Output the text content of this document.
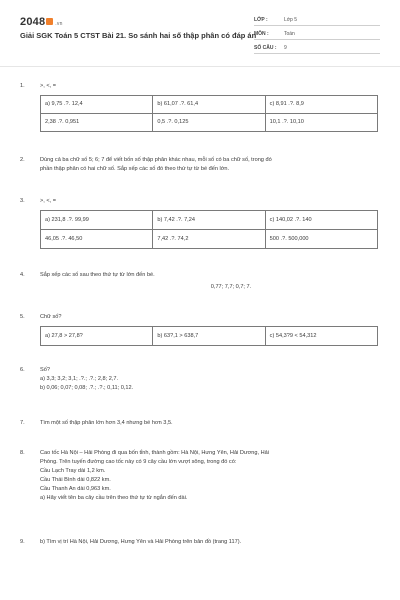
2048 .vn
Giải SGK Toán 5 CTST Bài 21. So sánh hai số thập phân có đáp án
LỚP :	Lớp 5
MÔN :	Toán
SỐ CÂU : 9
1.	>, <, =
a) 9,75 .?. 12,4	b) 61,07 .?. 61,4	c) 8,91 .?. 8,9
2,38 .?. 0,951	0,5 .?. 0,125	10,1 .?. 10,10
2.	Dùng cả ba chữ số 5; 6; 7 để viết bốn số thập phân khác nhau, mỗi số có ba chữ số, trong đó
phần thập phân có hai chữ số. Sắp xếp các số đó theo thứ tự từ bé đến lớn.
3.	>, <, =
a) 231,8 .?. 99,99	b) 7,42 .?. 7,24	c) 140,02 .?. 140
46,05 .?. 46,50	7,42 .?. 74,2	500 .?. 500,000
4.	Sắp xếp các số sau theo thứ tự từ lớn đến bé.
0,77; 7,7; 0,7; 7.
5.	Chữ số?
a) 27,8 > 27,8?	b) 63?,1 > 638,7	c) 54,3?9 < 54,312
6.	Số?
a) 3,3; 3,2; 3,1; .?.; .?.; 2,8; 2,7.
b) 0,06; 0,07; 0,08; .?.; .?.; 0,11; 0,12.
7.	Tìm một số thập phân lớn hơn 3,4 nhưng bé hơn 3,5.
8.	Cao tốc Hà Nội – Hải Phòng đi qua bốn tỉnh, thành gồm: Hà Nội, Hưng Yên, Hải Dương, Hải
Phòng. Trên tuyến đường cao tốc này có 9 cây cầu lớn vượt sông, trong đó có:
Cầu Lạch Tray dài 1,2 km.
Cầu Thái Bình dài 0,822 km.
Cầu Thanh An dài 0,963 km.
a) Hãy viết tên ba cây cầu trên theo thứ tự từ ngắn đến dài.
9.	b) Tìm vị trí Hà Nội, Hải Dương, Hưng Yên và Hải Phòng trên bản đồ (trang 117).
